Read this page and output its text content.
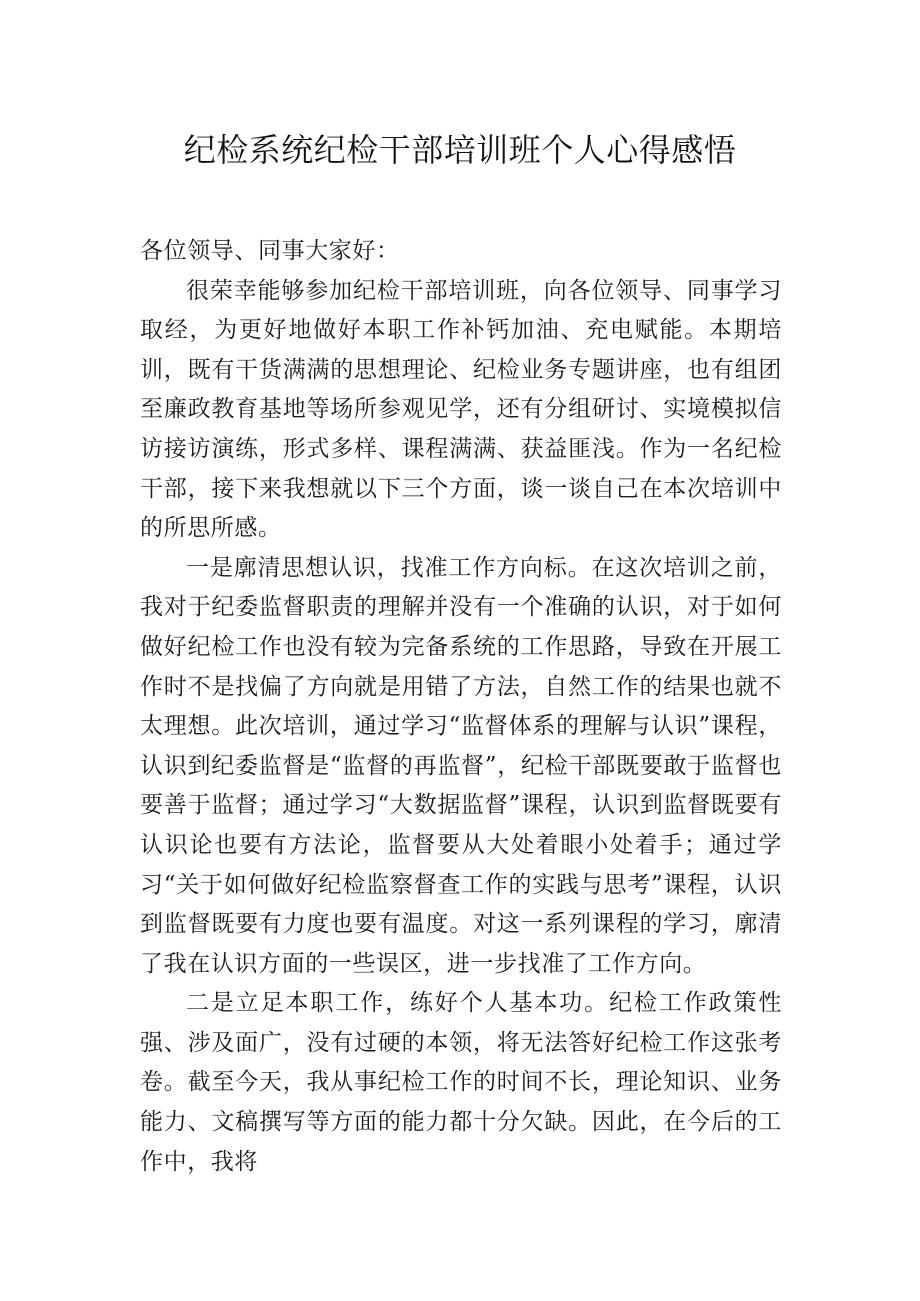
纪检系统纪检干部培训班个人心得感悟

各位领导、同事大家好：

很荣幸能够参加纪检干部培训班，向各位领导、同事学习取经，为更好地做好本职工作补钙加油、充电赋能。本期培训，既有干货满满的思想理论、纪检业务专题讲座，也有组团至廉政教育基地等场所参观见学，还有分组研讨、实境模拟信访接访演练，形式多样、课程满满、获益匪浅。作为一名纪检干部，接下来我想就以下三个方面，谈一谈自己在本次培训中的所思所感。

一是廓清思想认识，找准工作方向标。在这次培训之前，我对于纪委监督职责的理解并没有一个准确的认识，对于如何做好纪检工作也没有较为完备系统的工作思路，导致在开展工作时不是找偏了方向就是用错了方法，自然工作的结果也就不太理想。此次培训，通过学习“监督体系的理解与认识”课程，认识到纪委监督是“监督的再监督”，纪检干部既要敢于监督也要善于监督；通过学习“大数据监督”课程，认识到监督既要有认识论也要有方法论，监督要从大处着眼小处着手；通过学习“关于如何做好纪检监察督查工作的实践与思考”课程，认识到监督既要有力度也要有温度。对这一系列课程的学习，廓清了我在认识方面的一些误区，进一步找准了工作方向。

二是立足本职工作，练好个人基本功。纪检工作政策性强、涉及面广，没有过硬的本领，将无法答好纪检工作这张考卷。截至今天，我从事纪检工作的时间不长，理论知识、业务能力、文稿撰写等方面的能力都十分欠缺。因此，在今后的工作中，我将
